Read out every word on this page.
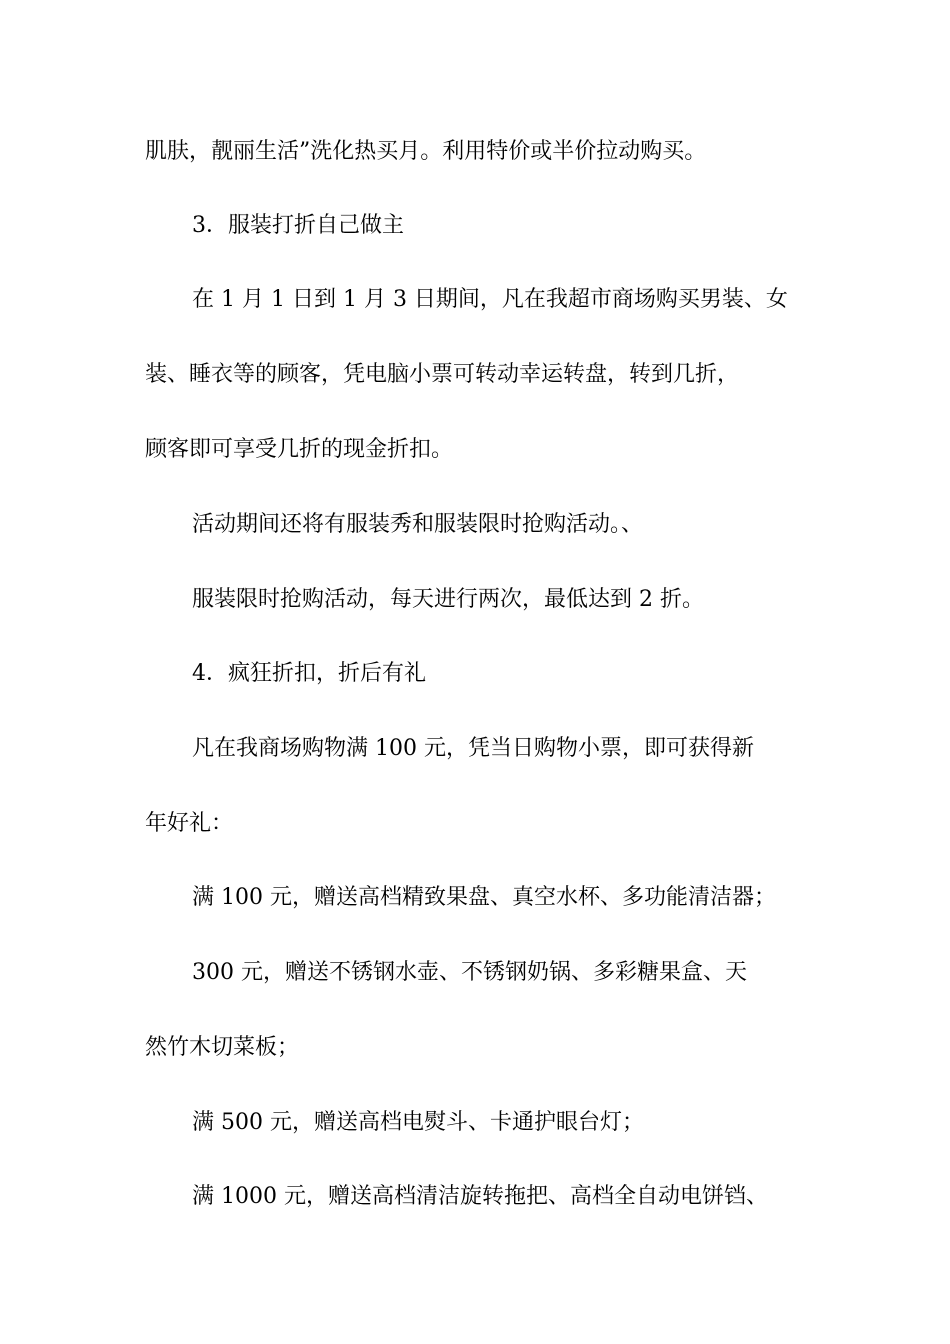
肌肤，靓丽生活”洗化热买月。利用特价或半价拉动购买。
3．服装打折自己做主
在 1 月 1 日到 1 月 3 日期间，凡在我超市商场购买男装、女
装、睡衣等的顾客，凭电脑小票可转动幸运转盘，转到几折，
顾客即可享受几折的现金折扣。
活动期间还将有服装秀和服装限时抢购活动。、
服装限时抢购活动，每天进行两次，最低达到 2 折。
4．疯狂折扣，折后有礼
凡在我商场购物满 100 元，凭当日购物小票，即可获得新
年好礼：
满 100 元，赠送高档精致果盘、真空水杯、多功能清洁器；
300 元，赠送不锈钢水壶、不锈钢奶锅、多彩糖果盒、天
然竹木切菜板；
满 500 元，赠送高档电熨斗、卡通护眼台灯；
满 1000 元，赠送高档清洁旋转拖把、高档全自动电饼铛、
